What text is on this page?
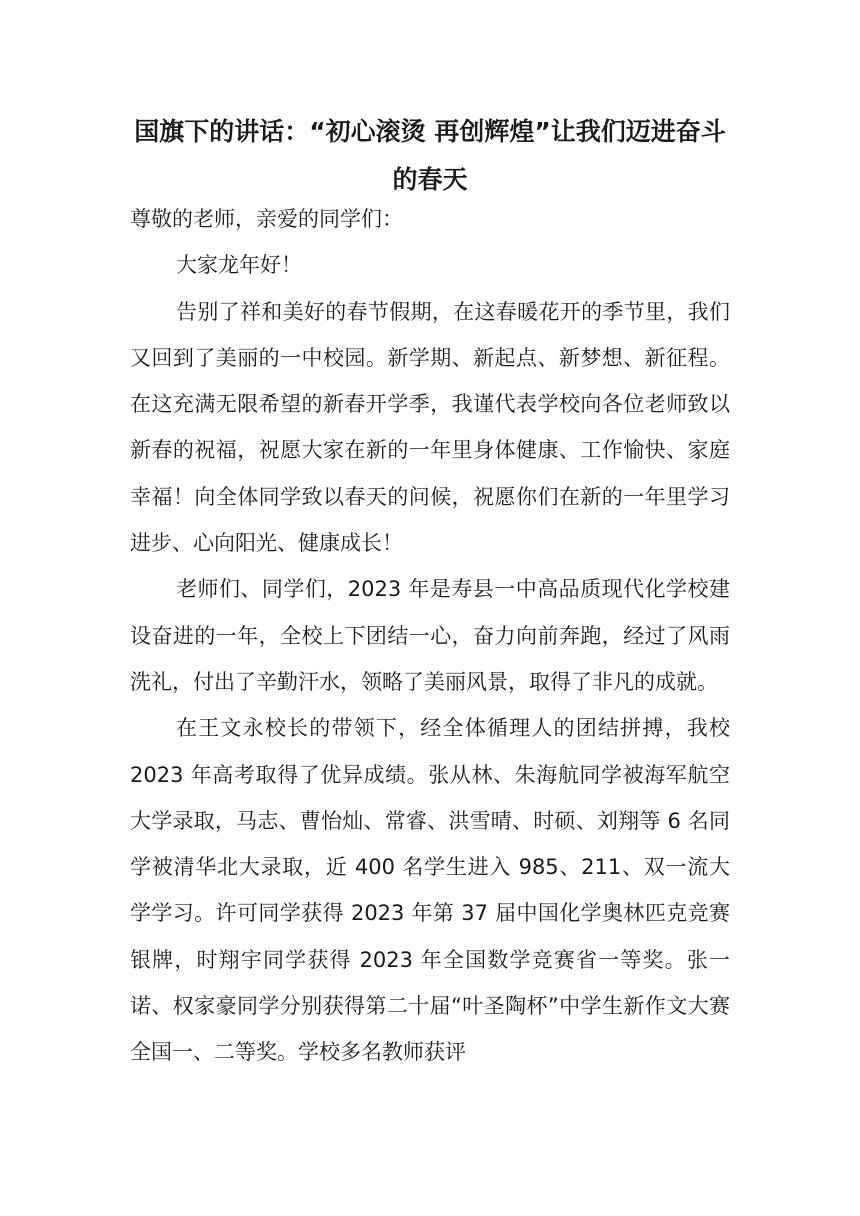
国旗下的讲话：“初心滚烫 再创辉煌”让我们迈进奋斗的春天

尊敬的老师，亲爱的同学们：

大家龙年好！

告别了祥和美好的春节假期，在这春暖花开的季节里，我们又回到了美丽的一中校园。新学期、新起点、新梦想、新征程。在这充满无限希望的新春开学季，我谨代表学校向各位老师致以新春的祝福，祝愿大家在新的一年里身体健康、工作愉快、家庭幸福！向全体同学致以春天的问候，祝愿你们在新的一年里学习进步、心向阳光、健康成长！

老师们、同学们，2023 年是寿县一中高品质现代化学校建设奋进的一年，全校上下团结一心，奋力向前奔跑，经过了风雨洗礼，付出了辛勤汗水，领略了美丽风景，取得了非凡的成就。

在王文永校长的带领下，经全体循理人的团结拼搏，我校 2023 年高考取得了优异成绩。张从林、朱海航同学被海军航空大学录取，马志、曹怡灿、常睿、洪雪晴、时硕、刘翔等 6 名同学被清华北大录取，近 400 名学生进入 985、211、双一流大学学习。许可同学获得 2023 年第 37 届中国化学奥林匹克竞赛银牌，时翔宇同学获得 2023 年全国数学竞赛省一等奖。张一诺、权家豪同学分别获得第二十届“叶圣陶杯”中学生新作文大赛全国一、二等奖。学校多名教师获评
